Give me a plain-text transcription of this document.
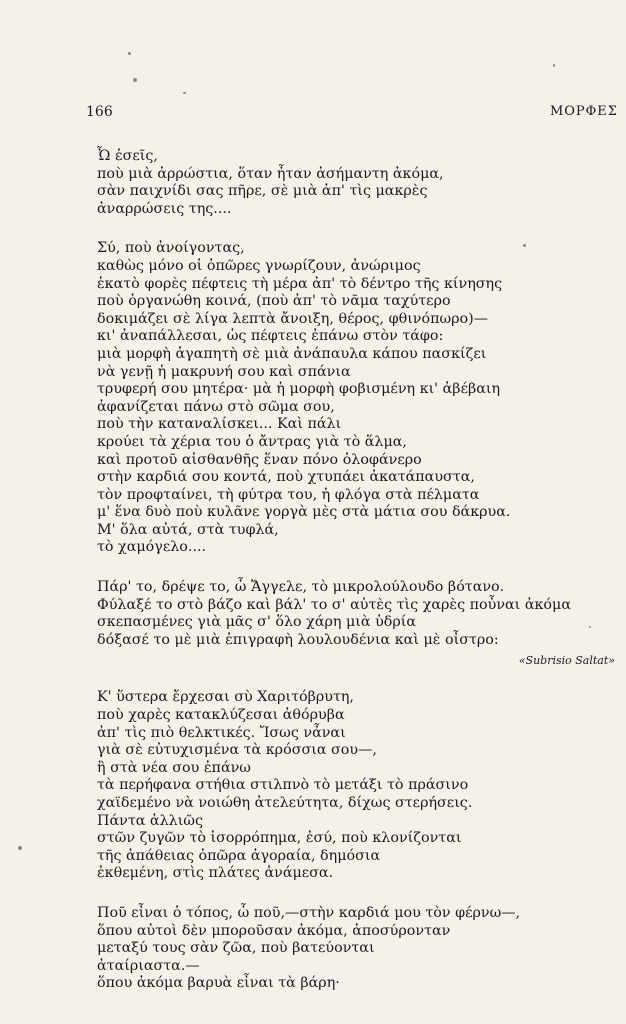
166	ΜΟΡΦΕΣ
Ὦ ἐσεῖς,
ποὺ μιὰ ἀρρώστια, ὅταν ἦταν ἀσήμαντη ἀκόμα,
σὰν παιχνίδι σας πῆρε, σὲ μιὰ ἀπ' τὶς μακρὲς
ἀναρρώσεις της....
Σύ, ποὺ ἀνοίγοντας,
καθὼς μόνο οἱ ὀπῶρες γνωρίζουν, ἀνώριμος
ἑκατὸ φορὲς πέφτεις τὴ μέρα ἀπ' τὸ δέντρο τῆς κίνησης
ποὺ ὀργανώθη κοινά, (ποὺ ἀπ' τὸ νᾶμα ταχύτερο
δοκιμάζει σὲ λίγα λεπτὰ ἄνοιξη, θέρος, φθινόπωρο)—
κι' ἀναπάλλεσαι, ὡς πέφτεις ἐπάνω στὸν τάφο:
μιὰ μορφὴ ἀγαπητὴ σὲ μιὰ ἀνάπαυλα κάπου πασκίζει
νὰ γενῇ ἡ μακρυνή σου καὶ σπάνια
τρυφερή σου μητέρα· μὰ ἡ μορφὴ φοβισμένη κι' ἀβέβαιη
ἀφανίζεται πάνω στὸ σῶμα σου,
ποὺ τὴν καταναλίσκει... Καὶ πάλι
κρούει τὰ χέρια του ὁ ἄντρας γιὰ τὸ ἅλμα,
καὶ προτοῦ αἰσθανθῆς ἕναν πόνο ὁλοφάνερο
στὴν καρδιά σου κοντά, ποὺ χτυπάει ἀκατάπαυστα,
τὸν προφταίνει, τὴ φύτρα του, ἡ φλόγα στὰ πέλματα
μ' ἕνα δυὸ ποὺ κυλᾶνε γοργὰ μὲς στὰ μάτια σου δάκρυα.
Μ' ὅλα αὐτά, στὰ τυφλά,
τὸ χαμόγελο....
Πάρ' το, δρέψε το, ὦ Ἄγγελε, τὸ μικρολούλουδο βότανο.
Φύλαξέ το στὸ βάζο καὶ βάλ' το σ' αὐτὲς τὶς χαρὲς ποὖναι ἀκόμα
σκεπασμένες γιὰ μᾶς σ' ὅλο χάρη μιὰ ὑδρία
δόξασέ το μὲ μιὰ ἐπιγραφὴ λουλουδένια καὶ μὲ οἶστρο:
«Subrisio Saltat»
Κ' ὕστερα ἔρχεσαι σὺ Χαριτόβρυτη,
ποὺ χαρὲς κατακλύζεσαι ἀθόρυβα
ἀπ' τὶς πιὸ θελκτικές. Ἴσως νἆναι
γιὰ σὲ εὐτυχισμένα τὰ κρόσσια σου—,
ἢ στὰ νέα σου ἐπάνω
τὰ περήφανα στήθια στιλπνὸ τὸ μετάξι τὸ πράσινο
χαϊδεμένο νὰ νοιώθη ἀτελεύτητα, δίχως στερήσεις.
Πάντα ἀλλιῶς
στῶν ζυγῶν τὸ ἰσορρόπημα, ἐσύ, ποὺ κλονίζονται
τῆς ἀπάθειας ὀπῶρα ἀγοραία, δημόσια
ἐκθεμένη, στὶς πλάτες ἀνάμεσα.
Ποῦ εἶναι ὁ τόπος, ὦ ποῦ,—στὴν καρδιά μου τὸν φέρνω—,
ὅπου αὐτοὶ δὲν μποροῦσαν ἀκόμα, ἀποσύρονταν
μεταξύ τους σὰν ζῶα, ποὺ βατεύονται
ἀταίριαστα.—
ὅπου ἀκόμα βαρυὰ εἶναι τὰ βάρη·
